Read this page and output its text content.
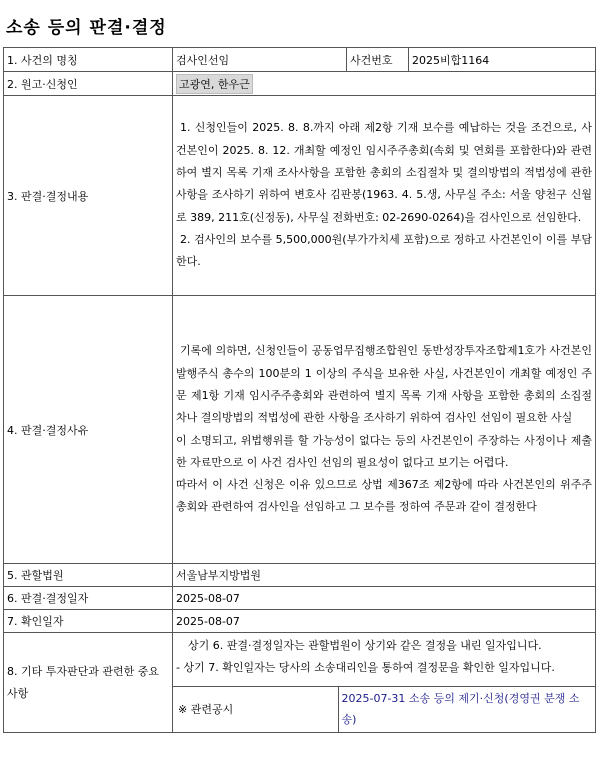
소송 등의 판결·결정
1. 사건의 명칭	검사인선임	사건번호	2025비합1164
2. 원고·신청인	고광연, 한우근
3. 판결·결정내용	
1. 신청인들이 2025. 8. 8.까지 아래 제2항 기재 보수를 예납하는 것을 조건으로, 사건본인이 2025. 8. 12. 개최할 예정인 임시주주총회(속회 및 연회를 포함한다)와 관련하여 별지 목록 기재 조사사항을 포함한 총회의 소집절차 및 결의방법의 적법성에 관한 사항을 조사하기 위하여 변호사 김판봉(1963. 4. 5.생, 사무실 주소: 서울 양천구 신월로 389, 211호(신정동), 사무실 전화번호: 02-2690-0264)을 검사인으로 선임한다.
2. 검사인의 보수를 5,500,000원(부가가치세 포함)으로 정하고 사건본인이 이를 부담한다.

4. 판결·결정사유	
기록에 의하면, 신청인들이 공동업무집행조합원인 동반성장투자조합제1호가 사건본인 발행주식 총수의 100분의 1 이상의 주식을 보유한 사실, 사건본인이 개최할 예정인 주문 제1항 기재 임시주주총회와 관련하여 별지 목록 기재 사항을 포함한 총회의 소집절차나 결의방법의 적법성에 관한 사항을 조사하기 위하여 검사인 선임이 필요한 사실
이 소명되고, 위법행위를 할 가능성이 없다는 등의 사건본인이 주장하는 사정이나 제출한 자료만으로 이 사건 검사인 선임의 필요성이 없다고 보기는 어렵다.
따라서 이 사건 신청은 이유 있으므로 상법 제367조 제2항에 따라 사건본인의 위주주총회와 관련하여 검사인을 선임하고 그 보수를 정하여 주문과 같이 결정한다

5. 관할법원	서울남부지방법원
6. 판결·결정일자	2025-08-07
7. 확인일자	2025-08-07
8. 기타 투자판단과 관련한 중요사항	
상기 6. 판결·결정일자는 관할법원이 상기와 같은 결정을 내린 일자입니다.
- 상기 7. 확인일자는 당사의 소송대리인을 통하여 결정문을 확인한 일자입니다.
※ 관련공시	2025-07-31 소송 등의 제기·신청(경영권 분쟁 소송)
